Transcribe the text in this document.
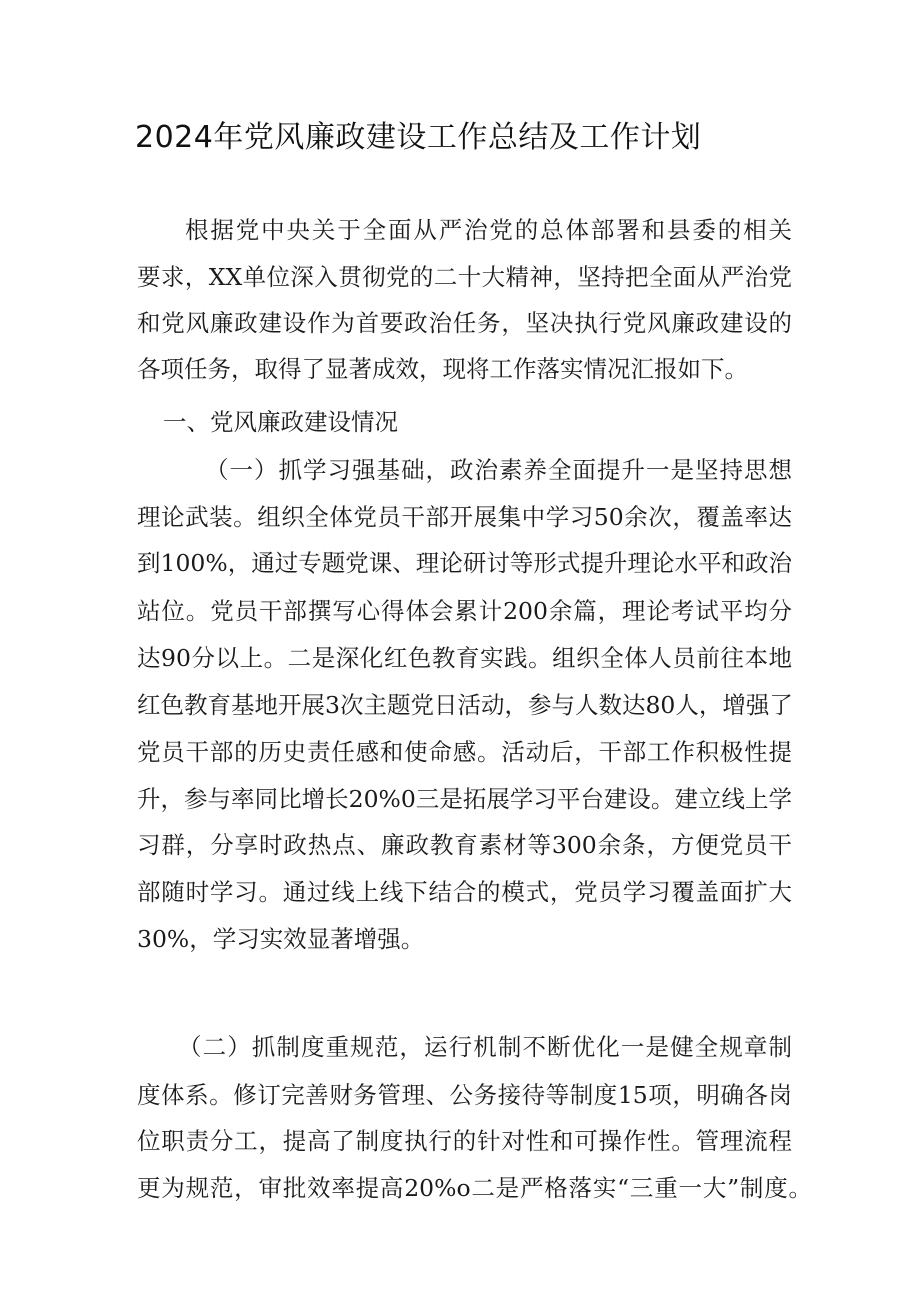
2024年党风廉政建设工作总结及工作计划
根据党中央关于全面从严治党的总体部署和县委的相关
要求，XX单位深入贯彻党的二十大精神，坚持把全面从严治党
和党风廉政建设作为首要政治任务，坚决执行党风廉政建设的
各项任务，取得了显著成效，现将工作落实情况汇报如下。
一、党风廉政建设情况
（一）抓学习强基础，政治素养全面提升一是坚持思想
理论武装。组织全体党员干部开展集中学习50余次，覆盖率达
到100%，通过专题党课、理论研讨等形式提升理论水平和政治
站位。党员干部撰写心得体会累计200余篇，理论考试平均分
达90分以上。二是深化红色教育实践。组织全体人员前往本地
红色教育基地开展3次主题党日活动，参与人数达80人，增强了
党员干部的历史责任感和使命感。活动后，干部工作积极性提
升，参与率同比增长20%0三是拓展学习平台建设。建立线上学
习群，分享时政热点、廉政教育素材等300余条，方便党员干
部随时学习。通过线上线下结合的模式，党员学习覆盖面扩大
30%，学习实效显著增强。
（二）抓制度重规范，运行机制不断优化一是健全规章制
度体系。修订完善财务管理、公务接待等制度15项，明确各岗
位职责分工，提高了制度执行的针对性和可操作性。管理流程
更为规范，审批效率提高20%o二是严格落实“三重一大”制度。
